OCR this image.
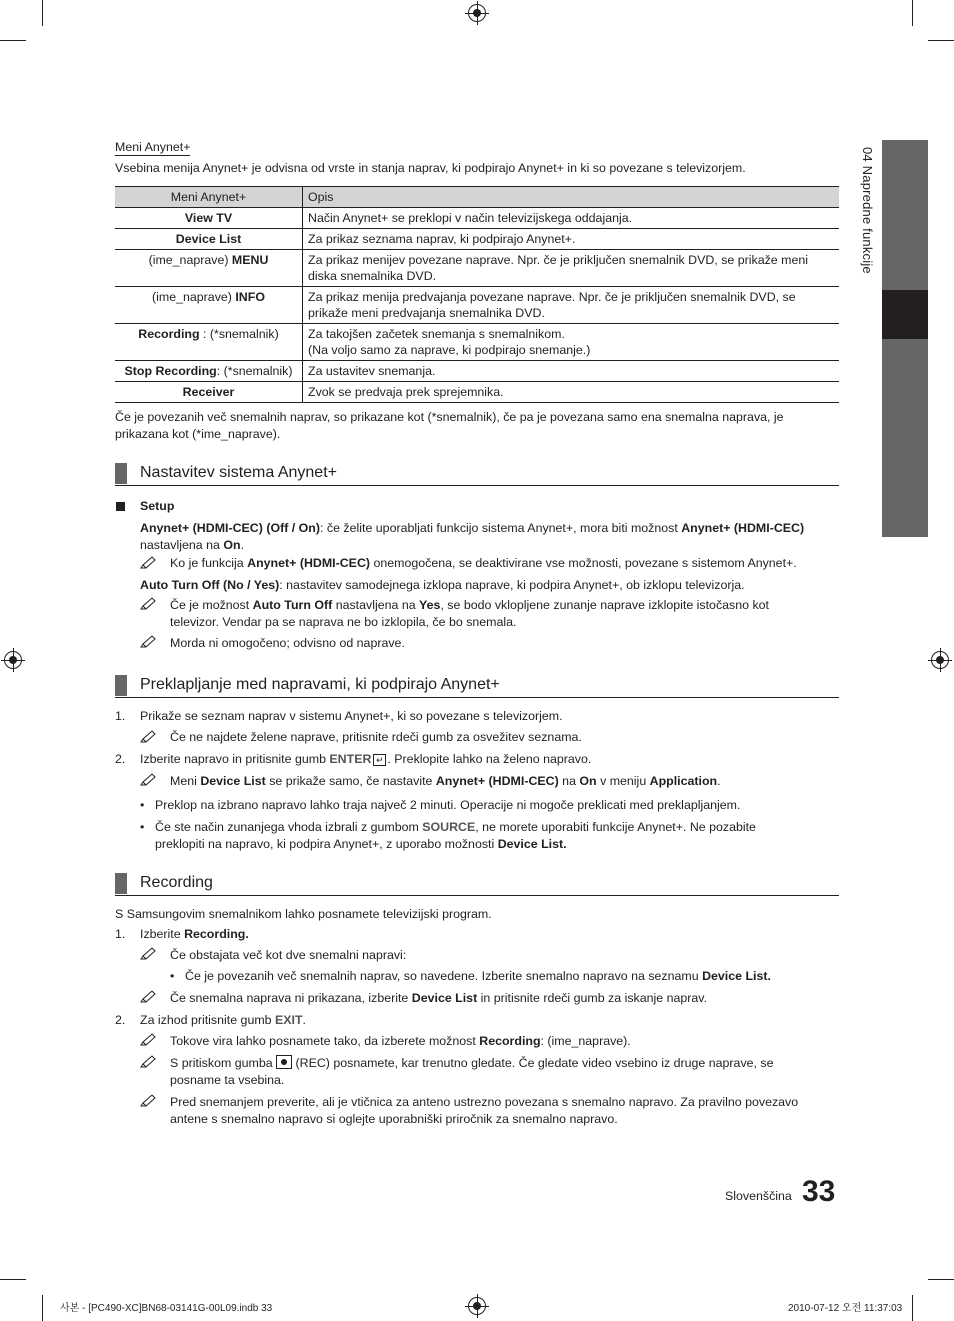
04 Napredne funkcije
Meni Anynet+
Vsebina menija Anynet+ je odvisna od vrste in stanja naprav, ki podpirajo Anynet+ in ki so povezane s televizorjem.
Meni Anynet+	Opis
View TV	Način Anynet+ se preklopi v način televizijskega oddajanja.
Device List	Za prikaz seznama naprav, ki podpirajo Anynet+.
(ime_naprave) MENU	Za prikaz menijev povezane naprave. Npr. če je priključen snemalnik DVD, se prikaže meni diska snemalnika DVD.
(ime_naprave) INFO	Za prikaz menija predvajanja povezane naprave. Npr. če je priključen snemalnik DVD, se prikaže meni predvajanja snemalnika DVD.
Recording : (*snemalnik)	Za takojšen začetek snemanja s snemalnikom.
(Na voljo samo za naprave, ki podpirajo snemanje.)
Stop Recording: (*snemalnik)	Za ustavitev snemanja.
Receiver	Zvok se predvaja prek sprejemnika.
Če je povezanih več snemalnih naprav, so prikazane kot (*snemalnik), če pa je povezana samo ena snemalna naprava, je prikazana kot (*ime_naprave).
Nastavitev sistema Anynet+
Setup
Anynet+ (HDMI-CEC) (Off / On): če želite uporabljati funkcijo sistema Anynet+, mora biti možnost Anynet+ (HDMI-CEC)
nastavljena na On.
Ko je funkcija Anynet+ (HDMI-CEC) onemogočena, se deaktivirane vse možnosti, povezane s sistemom Anynet+.
Auto Turn Off (No / Yes): nastavitev samodejnega izklopa naprave, ki podpira Anynet+, ob izklopu televizorja.
Če je možnost Auto Turn Off nastavljena na Yes, se bodo vklopljene zunanje naprave izklopite istočasno kot
televizor. Vendar pa se naprava ne bo izklopila, če bo snemala.
Morda ni omogočeno; odvisno od naprave.
Preklapljanje med napravami, ki podpirajo Anynet+
1. Prikaže se seznam naprav v sistemu Anynet+, ki so povezane s televizorjem.
Če ne najdete želene naprave, pritisnite rdeči gumb za osvežitev seznama.
2. Izberite napravo in pritisnite gumb ENTER ↵ . Preklopite lahko na želeno napravo.
Meni Device List se prikaže samo, če nastavite Anynet+ (HDMI-CEC) na On v meniju Application.
• Preklop na izbrano napravo lahko traja največ 2 minuti. Operacije ni mogoče preklicati med preklapljanjem.
• Če ste način zunanjega vhoda izbrali z gumbom SOURCE, ne morete uporabiti funkcije Anynet+. Ne pozabite
preklopiti na napravo, ki podpira Anynet+, z uporabo možnosti Device List.
Recording
S Samsungovim snemalnikom lahko posnamete televizijski program.
1. Izberite Recording.
Če obstajata več kot dve snemalni napravi:
• Če je povezanih več snemalnih naprav, so navedene. Izberite snemalno napravo na seznamu Device List.
Če snemalna naprava ni prikazana, izberite Device List in pritisnite rdeči gumb za iskanje naprav.
2. Za izhod pritisnite gumb EXIT.
Tokove vira lahko posnamete tako, da izberete možnost Recording: (ime_naprave).
S pritiskom gumba
(REC) posnamete, kar trenutno gledate. Če gledate video vsebino iz druge naprave, se
posname ta vsebina.
Pred snemanjem preverite, ali je vtičnica za anteno ustrezno povezana s snemalno napravo. Za pravilno povezavo
antene s snemalno napravo si oglejte uporabniški priročnik za snemalno napravo.
Slovenščina 33
사본 - [PC490-XC]BN68-03141G-00L09.indb 33	2010-07-12 오전 11:37:03
